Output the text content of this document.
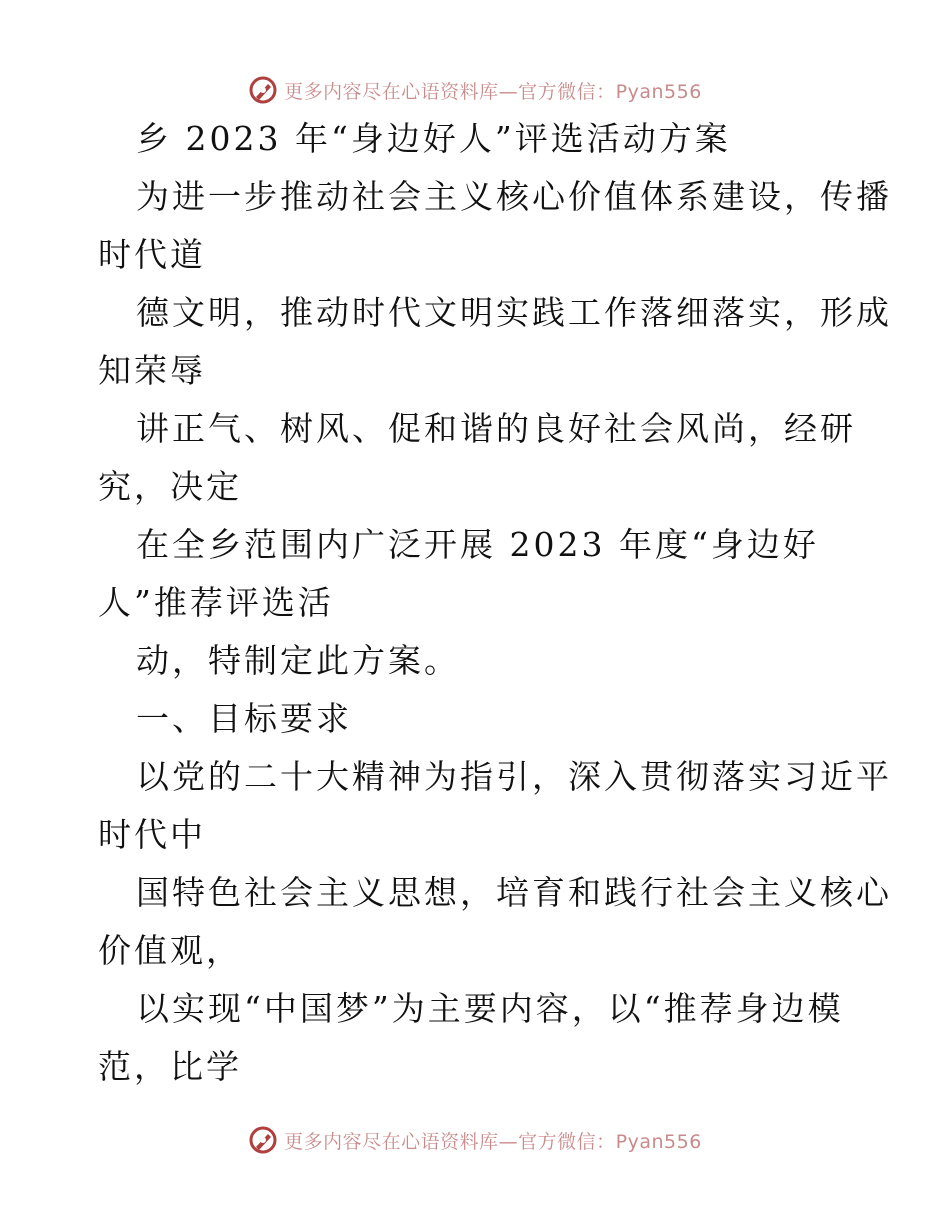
更多内容尽在心语资料库—官方微信：Pyan556
乡 2023 年“身边好人”评选活动方案
为进一步推动社会主义核心价值体系建设，传播
时代道
德文明，推动时代文明实践工作落细落实，形成
知荣辱
讲正气、树风、促和谐的良好社会风尚，经研
究，决定
在全乡范围内广泛开展 2023 年度“身边好
人”推荐评选活
动，特制定此方案。
一、目标要求
以党的二十大精神为指引，深入贯彻落实习近平
时代中
国特色社会主义思想，培育和践行社会主义核心
价值观，
以实现“中国梦”为主要内容，以“推荐身边模
范，比学
更多内容尽在心语资料库—官方微信：Pyan556
